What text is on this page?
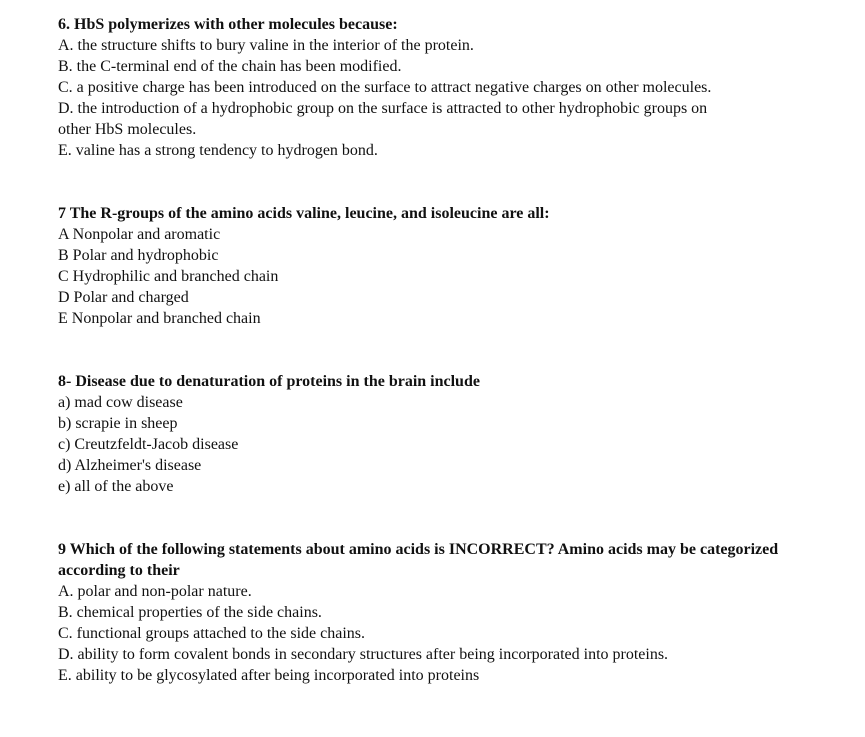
6. HbS polymerizes with other molecules because:
A. the structure shifts to bury valine in the interior of the protein.
B. the C-terminal end of the chain has been modified.
C. a positive charge has been introduced on the surface to attract negative charges on other molecules.
D. the introduction of a hydrophobic group on the surface is attracted to other hydrophobic groups on other HbS molecules.
E. valine has a strong tendency to hydrogen bond.
7 The R-groups of the amino acids valine, leucine, and isoleucine are all:
A Nonpolar and aromatic
B Polar and hydrophobic
C Hydrophilic and branched chain
D Polar and charged
E Nonpolar and branched chain
8- Disease due to denaturation of proteins in the brain include
a) mad cow disease
b) scrapie in sheep
c) Creutzfeldt-Jacob disease
d) Alzheimer's disease
e) all of the above
9 Which of the following statements about amino acids is INCORRECT? Amino acids may be categorized according to their
A. polar and non-polar nature.
B. chemical properties of the side chains.
C. functional groups attached to the side chains.
D. ability to form covalent bonds in secondary structures after being incorporated into proteins.
E. ability to be glycosylated after being incorporated into proteins
